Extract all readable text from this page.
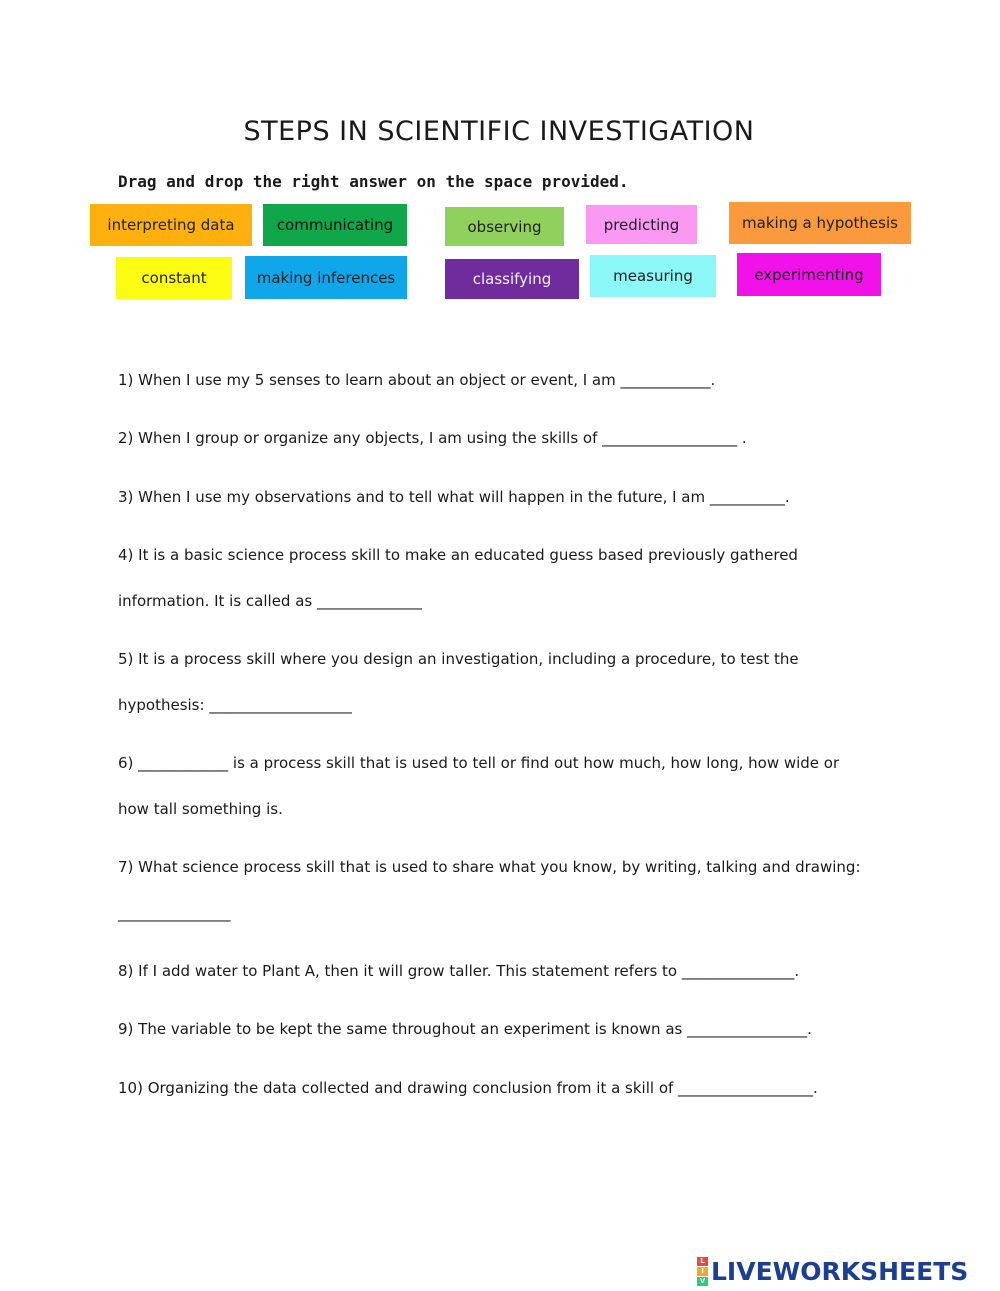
STEPS IN SCIENTIFIC INVESTIGATION
Drag and drop the right answer on the space provided.
interpreting data	communicating	observing	predicting	making a hypothesis
constant	making inferences	classifying	measuring	experimenting
1) When I use my 5 senses to learn about an object or event, I am ____________.
2) When I group or organize any objects, I am using the skills of __________________ .
3) When I use my observations and to tell what will happen in the future, I am __________.
4) It is a basic science process skill to make an educated guess based previously gathered
information. It is called as ______________
5) It is a process skill where you design an investigation, including a procedure, to test the
hypothesis: ___________________
6) ____________ is a process skill that is used to tell or find out how much, how long, how wide or
how tall something is.
7) What science process skill that is used to share what you know, by writing, talking and drawing:
_______________
8) If I add water to Plant A, then it will grow taller. This statement refers to _______________.
9) The variable to be kept the same throughout an experiment is known as ________________.
10) Organizing the data collected and drawing conclusion from it a skill of __________________.
L
I
V LIVEWORKSHEETS
